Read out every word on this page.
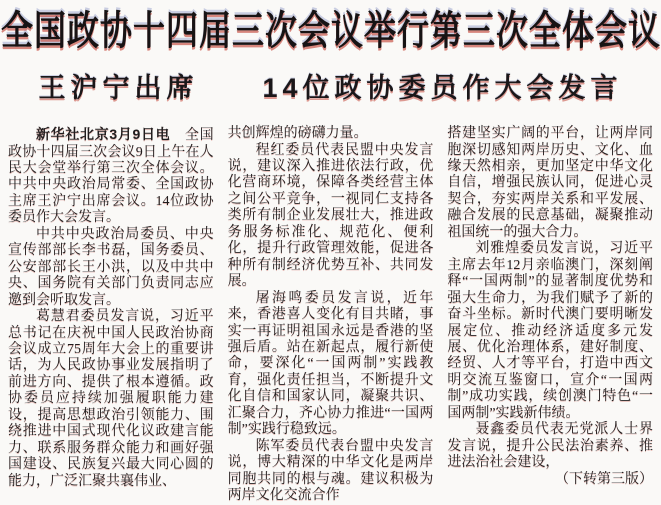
全国政协十四届三次会议举行第三次全体会议
王沪宁出席　　14位政协委员作大会发言

新华社北京3月9日电　全国政协十四届三次会议9日上午在人民大会堂举行第三次全体会议。中共中央政治局常委、全国政协主席王沪宁出席会议。14位政协委员作大会发言。

中共中央政治局委员、中央宣传部部长李书磊，国务委员、公安部部长王小洪，以及中共中央、国务院有关部门负责同志应邀到会听取发言。

葛慧君委员发言说，习近平总书记在庆祝中国人民政治协商会议成立75周年大会上的重要讲话，为人民政协事业发展指明了前进方向、提供了根本遵循。政协委员应持续加强履职能力建设，提高思想政治引领能力、围绕推进中国式现代化议政建言能力、联系服务群众能力和画好强国建设、民族复兴最大同心圆的能力，广泛汇聚共襄伟业、

共创辉煌的磅礴力量。

程红委员代表民盟中央发言说，建议深入推进依法行政，优化营商环境，保障各类经营主体之间公平竞争，一视同仁支持各类所有制企业发展壮大，推进政务服务标准化、规范化、便利化，提升行政管理效能，促进各种所有制经济优势互补、共同发展。

屠海鸣委员发言说，近年来，香港喜人变化有目共睹，事实一再证明祖国永远是香港的坚强后盾。站在新起点，履行新使命，要深化“一国两制”实践教育，强化责任担当，不断提升文化自信和国家认同，凝聚共识、汇聚合力，齐心协力推进“一国两制”实践行稳致远。

陈军委员代表台盟中央发言说，博大精深的中华文化是两岸同胞共同的根与魂。建议积极为两岸文化交流合作

搭建坚实广阔的平台，让两岸同胞深切感知两岸历史、文化、血缘天然相亲，更加坚定中华文化自信，增强民族认同，促进心灵契合，夯实两岸关系和平发展、融合发展的民意基础，凝聚推动祖国统一的强大合力。

刘雅煌委员发言说，习近平主席去年12月亲临澳门，深刻阐释“一国两制”的显著制度优势和强大生命力，为我们赋予了新的奋斗坐标。新时代澳门要明晰发展定位、推动经济适度多元发展、优化治理体系，建好制度、经贸、人才等平台，打造中西文明交流互鉴窗口，宣介“一国两制”成功实践，续创澳门特色“一国两制”实践新伟绩。

聂鑫委员代表无党派人士界发言说，提升公民法治素养、推进法治社会建设，
（下转第三版）
